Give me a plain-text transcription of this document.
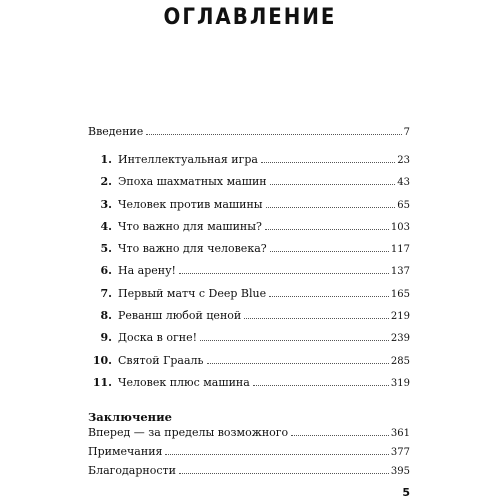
ОГЛАВЛЕНИЕ
Введение	7
1. Интеллектуальная игра	23
2. Эпоха шахматных машин	43
3. Человек против машины	65
4. Что важно для машины?	103
5. Что важно для человека?	117
6. На арену!	137
7. Первый матч с Deep Blue	165
8. Реванш любой ценой	219
9. Доска в огне!	239
10. Святой Грааль	285
11. Человек плюс машина	319
Заключение
Вперед — за пределы возможного	361
Примечания	377
Благодарности	395
5
